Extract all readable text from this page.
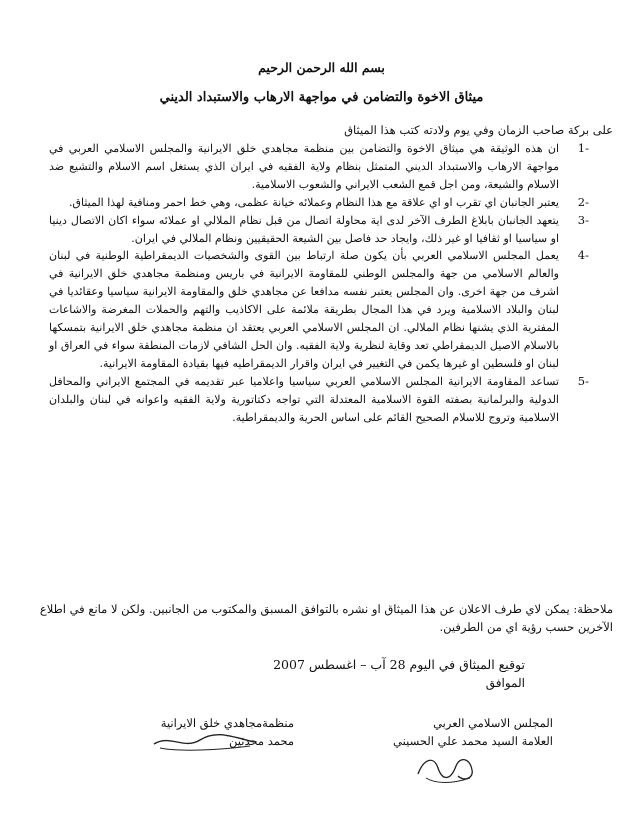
بسم الله الرحمن الرحيم
ميثاق الاخوة والتضامن في مواجهة الارهاب والاستبداد الديني
على بركة صاحب الزمان وفي يوم ولادته كتب هذا الميثاق
1-
ان هذه الوثيقة هي ميثاق الاخوة والتضامن بين منظمة مجاهدي خلق الايرانية والمجلس الاسلامي العربي في مواجهة الارهاب والاستبداد الديني المتمثل بنظام ولاية الفقيه في ايران الذي يستغل اسم الاسلام والتشيع ضد الاسلام والشيعة، ومن اجل قمع الشعب الايراني والشعوب الاسلامية.
2-
يعتبر الجانبان اي تقرب او اي علاقة مع هذا النظام وعملائه خيانة عظمى، وهي خط احمر ومنافية لهذا الميثاق.
3-
يتعهد الجانبان بابلاغ الطرف الآخر لدى اية محاولة اتصال من قبل نظام الملالي او عملائه سواء اكان الاتصال دينيا او سياسيا او ثقافيا او غير ذلك، وايجاد حد فاصل بين الشيعة الحقيقيين ونظام الملالي في ايران.
4-
يعمل المجلس الاسلامي العربي بأن يكون صلة ارتباط بين القوى والشخصيات الديمقراطية الوطنية في لبنان والعالم الاسلامي من جهة والمجلس الوطني للمقاومة الايرانية في باريس ومنظمة مجاهدي خلق الايرانية في اشرف من جهة اخرى. وان المجلس يعتبر نفسه مدافعا عن مجاهدي خلق والمقاومة الايرانية سياسيا وعقائديا في لبنان والبلاد الاسلامية ويرد في هذا المجال بطريقة ملائمة على الاكاذيب والتهم والحملات المغرضة والاشاعات المفترية الذي يشنها نظام الملالي. ان المجلس الاسلامي العربي يعتقد ان منظمة مجاهدي خلق الايرانية بتمسكها بالاسلام الاصيل الديمقراطي تعد وقاية لنظرية ولاية الفقيه. وان الحل الشافي لازمات المنطقة سواء في العراق او لبنان او فلسطين او غيرها يكمن في التغيير في ايران واقرار الديمقراطيه فيها بقيادة المقاومة الايرانية.
5-
تساعد المقاومة الايرانية المجلس الاسلامي العربي سياسيا واعلاميا عبر تقديمه في المجتمع الايراني والمحافل الدولية والبرلمانية بصفته القوة الاسلامية المعتدلة التي تواجه دكتاتورية ولاية الفقيه واعوانه في لبنان والبلدان الاسلامية وتروج للاسلام الصحيح القائم على اساس الحرية والديمقراطية.
ملاحظة: يمكن لاي طرف الاعلان عن هذا الميثاق او نشره بالتوافق المسبق والمكتوب من الجانبين. ولكن لا مانع في اطلاع الآخرين حسب رؤية اي من الطرفين.
توقيع الميثاق في اليوم 28 آب – اغسطس 2007
الموافق
المجلس الاسلامي العربي
العلامة السيد محمد علي الحسيني
منظمةمجاهدي خلق الايرانية
محمد محدثين
